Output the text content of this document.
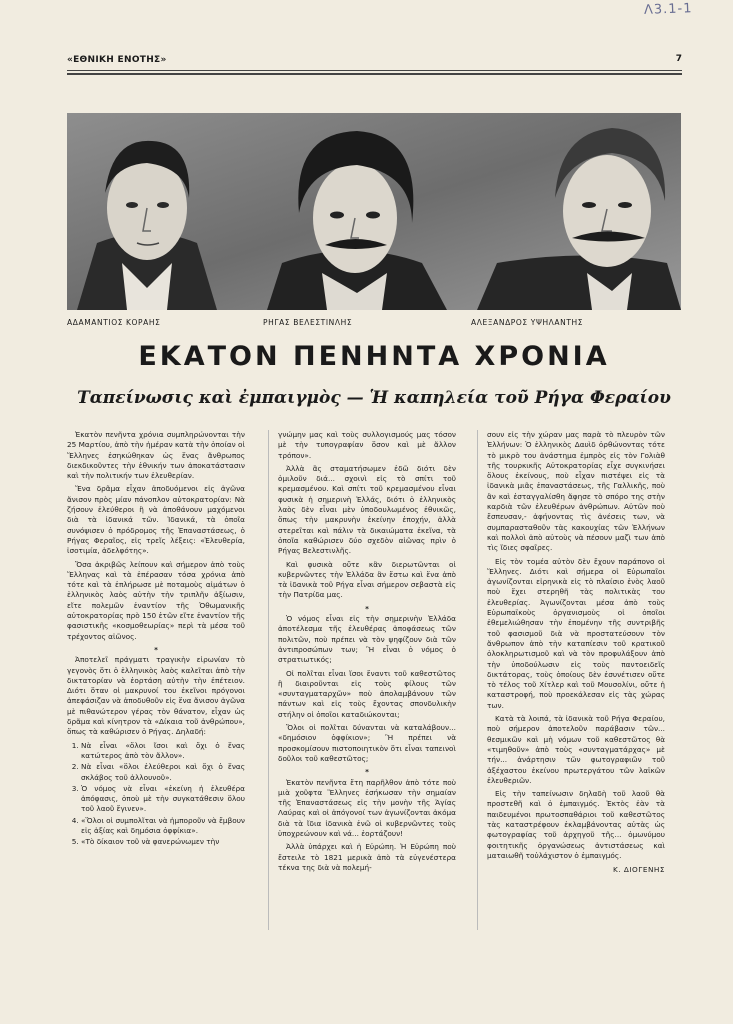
Λ3.1-1
«ΕΘΝΙΚΗ ΕΝΟΤΗΣ»	7
ΑΔΑΜΑΝΤΙΟΣ ΚΟΡΑΗΣ	ΡΗΓΑΣ ΒΕΛΕΣΤΙΝΛΗΣ	ΑΛΕΞΑΝΔΡΟΣ ΥΨΗΛΑΝΤΗΣ
ΕΚΑΤΟΝ ΠΕΝΗΝΤΑ ΧΡΟΝΙΑ
Ταπείνωσις καὶ ἐμπαιγμὸς — Ἡ καπηλεία τοῦ Ρήγα Φεραίου

Ἑκατὸν πενῆντα χρόνια συμπληρώνονται τὴν 25 Μαρτίου, ἀπὸ τὴν ἡμέραν κατὰ τὴν ὁποίαν οἱ Ἕλληνες ἐσηκώθηκαν ὡς ἕνας ἄνθρωπος διεκδικοῦντες τὴν ἐθνικήν των ἀποκατάστασιν καὶ τὴν πολιτικήν των ἐλευθερίαν.

Ἕνα δρᾶμα εἶχαν ἀποδυόμενοι εἰς ἀγῶνα ἄνισον πρὸς μίαν πάνοπλον αὐτοκρατορίαν: Νὰ ζήσουν ἐλεύθεροι ἢ νὰ ἀποθάνουν μαχόμενοι διὰ τὰ ἰδανικά τῶν. Ἰδανικά, τὰ ὁποῖα συνόψισεν ὁ πρόδρομος τῆς Ἐπαναστάσεως, ὁ Ρήγας Φεραῖος, εἰς τρεῖς λέξεις: «Ἐλευθερία, ἰσοτιμία, ἀδελφότης».

Ὅσα ἀκριβῶς λείπουν καὶ σήμερον ἀπὸ τοὺς Ἕλληνας καὶ τὰ ἐπέρασαν τόσα χρόνια ἀπὸ τότε καὶ τὰ ἐπλήρωσε μὲ ποταμοὺς αἱμάτων ὁ ἑλληνικὸς λαὸς αὐτὴν τὴν τριπλῆν ἀξίωσιν, εἴτε πολεμῶν ἐναντίον τῆς Ὀθωμανικῆς αὐτοκρατορίας πρὸ 150 ἐτῶν εἴτε ἐναντίον τῆς φασιστικῆς «κοσμοθεωρίας» περὶ τὰ μέσα τοῦ τρέχοντος αἰῶνος.

*

Ἀποτελεῖ πράγματι τραγικὴν εἰρωνίαν τὸ γεγονὸς ὅτι ὁ ἑλληνικὸς λαὸς καλεῖται ἀπὸ τὴν δικτατορίαν νὰ ἑορτάση αὐτὴν τὴν ἐπέτειον. Διότι ὅταν οἱ μακρυνοί του ἐκεῖνοι πρόγονοι ἀπεφάσιζαν νὰ ἀποδυθοῦν εἰς ἕνα ἄνισον ἀγῶνα μὲ πιθανώτερον γέρας τὸν θάνατον, εἶχαν ὡς δρᾶμα καὶ κίνητρον τὰ «Δίκαια τοῦ ἀνθρώπου», ὅπως τὰ καθώρισεν ὁ Ρήγας. Δηλαδή:

1. Νὰ εἶναι «ὅλοι ἴσοι καὶ ὄχι ὁ ἕνας κατώτερος ἀπὸ τὸν ἄλλον».
2. Νὰ εἶναι «ὅλοι ἐλεύθεροι καὶ ὄχι ὁ ἕνας σκλάβος τοῦ ἀλλουνοῦ».
3. Ὁ νόμος νὰ εἶναι «ἐκείνη ἡ ἐλευθέρα ἀπόφασις, ὁποὺ μὲ τὴν συγκατάθεσιν ὅλου τοῦ λαοῦ ἔγινεν».
4. «Ὅλοι οἱ συμπολῖται νὰ ἠμποροῦν νὰ ἔμβουν εἰς ἀξίας καὶ δημόσια ὀφφίκια».
5. «Τὸ δίκαιον τοῦ νὰ φανερώνωμεν τὴν

γνώμην μας καὶ τοὺς συλλογισμούς μας τόσον μὲ τὴν τυπογραφίαν ὅσον καὶ μὲ ἄλλον τρόπον».

Ἀλλὰ ἂς σταματήσωμεν ἐδῶ διότι δὲν ὁμιλοῦν διά... σχοινὶ εἰς τὸ σπίτι τοῦ κρεμασμένου. Καὶ σπίτι τοῦ κρεμασμένου εἶναι φυσικὰ ἡ σημερινὴ Ἑλλάς, διότι ὁ ἑλληνικὸς λαὸς δὲν εἶναι μὲν ὑποδουλωμένος ἐθνικῶς, ὅπως τὴν μακρυνὴν ἐκείνην ἐποχήν, ἀλλὰ στερεῖται καὶ πάλιν τὰ δικαιώματα ἐκεῖνα, τὰ ὁποῖα καθώρισεν δύο σχεδὸν αἰῶνας πρὶν ὁ Ρήγας Βελεστινλῆς.

Καὶ φυσικὰ οὔτε κἂν διερωτῶνται οἱ κυβερνῶντες τὴν Ἑλλάδα ἂν ἔστω καὶ ἕνα ἀπὸ τὰ ἰδανικὰ τοῦ Ρήγα εἶναι σήμερον σεβαστὰ εἰς τὴν Πατρίδα μας.

*

Ὁ νόμος εἶναι εἰς τὴν σημερινὴν Ἑλλάδα ἀποτέλεσμα τῆς ἐλευθέρας ἀποφάσεως τῶν πολιτῶν, ποὺ πρέπει νὰ τὸν ψηφίζουν διὰ τῶν ἀντιπροσώπων των; Ἢ εἶναι ὁ νόμος ὁ στρατιωτικός;

Οἱ πολῖται εἶναι ἴσοι ἔναντι τοῦ καθεστῶτος ἢ διαιροῦνται εἰς τοὺς φίλους τῶν «συνταγματαρχῶν» ποὺ ἀπολαμβάνουν τῶν πάντων καὶ εἰς τοὺς ἔχοντας σπονδυλικὴν στήλην οἱ ὁποῖοι καταδιώκονται;

Ὅλοι οἱ πολῖται δύνανται νὰ καταλάβουν... «δημόσιον ὀφφίκιον»; Ἢ πρέπει νὰ προσκομίσουν πιστοποιητικὸν ὅτι εἶναι ταπεινοὶ δοῦλοι τοῦ καθεστῶτος;

*

Ἑκατὸν πενῆντα ἔτη παρῆλθον ἀπὸ τότε ποὺ μιὰ χοῦφτα Ἕλληνες ἐσήκωσαν τὴν σημαίαν τῆς Ἐπαναστάσεως εἰς τὴν μονὴν τῆς Ἁγίας Λαύρας καὶ οἱ ἀπόγονοί των ἀγωνίζονται ἀκόμα διὰ τὰ ἴδια ἰδανικὰ ἐνῶ οἱ κυβερνῶντες τοὺς ὑποχρεώνουν καὶ νά... ἑορτάζουν!

Ἀλλὰ ὑπάρχει καὶ ἡ Εὐρώπη. Ἡ Εὐρώπη ποὺ ἔστειλε τὸ 1821 μερικὰ ἀπὸ τὰ εὐγενέστερα τέκνα της διὰ νὰ πολεμή-

σουν εἰς τὴν χώραν μας παρὰ τὸ πλευρὸν τῶν Ἑλλήνων: Ὁ ἑλληνικὸς Δαυὶδ ὀρθώνοντας τότε τὸ μικρὸ του ἀνάστημα ἐμπρὸς εἰς τὸν Γολιὰθ τῆς τουρκικῆς Αὐτοκρατορίας εἶχε συγκινήσει ὅλους ἐκείνους, ποὺ εἶχαν πιστέψει εἰς τὰ ἰδανικὰ μιᾶς ἐπαναστάσεως, τῆς Γαλλικῆς, ποὺ ἂν καὶ ἐσταγγαλίσθη ἄφησε τὸ σπόρο της στὴν καρδιὰ τῶν ἐλευθέρων ἀνθρώπων. Αὐτῶν ποὺ ἔσπευσαν,- ἀφήνοντας τὶς ἀνέσεις των, νὰ συμπαρασταθοῦν τὰς κακουχίας τῶν Ἑλλήνων καὶ πολλοὶ ἀπὸ αὐτοὺς νὰ πέσουν μαζὶ των ἀπὸ τὶς ἴδιες σφαῖρες.

Εἰς τὸν τομέα αὐτὸν δὲν ἔχουν παράπονο οἱ Ἕλληνες. Διότι καὶ σήμερα οἱ Εὐρωπαῖοι ἀγωνίζονται εἰρηνικὰ εἰς τὸ πλαίσιο ἑνὸς λαοῦ ποὺ ἔχει στερηθῆ τὰς πολιτικὰς του ἐλευθερίας. Ἀγωνίζονται μέσα ἀπὸ τοὺς Εὐρωπαϊκοὺς ὀργανισμοὺς οἱ ὁποῖοι ἐθεμελιώθησαν τὴν ἐπομένην τῆς συντριβῆς τοῦ φασισμοῦ διὰ νὰ προστατεύσουν τὸν ἄνθρωπον ἀπὸ τὴν καταπίεσιν τοῦ κρατικοῦ ὁλοκληρωτισμοῦ καὶ νὰ τὸν προφυλάξουν ἀπὸ τὴν ὑποδούλωσιν εἰς τοὺς παντοειδεῖς δικτάτορας, τοὺς ὁποίους δὲν ἐσυνέτισεν οὔτε τὸ τέλος τοῦ Χίτλερ καὶ τοῦ Μουσολίνι, οὔτε ἡ καταστροφή, ποὺ προεκάλεσαν εἰς τὰς χώρας των.

Κατὰ τὰ λοιπά, τὰ ἰδανικὰ τοῦ Ρήγα Φεραίου, ποὺ σήμερον ἀποτελοῦν παράβασιν τῶν... θεσμικῶν καὶ μὴ νόμων τοῦ καθεστῶτος θὰ «τιμηθοῦν» ἀπὸ τοὺς «συνταγματάρχας» μὲ τήν... ἀνάρτησιν τῶν φωτογραφιῶν τοῦ ἀξέχαστου ἐκείνου πρωτεργάτου τῶν λαϊκῶν ἐλευθεριῶν.

Εἰς τὴν ταπείνωσιν δηλαδὴ τοῦ λαοῦ θὰ προστεθῆ καὶ ὁ ἐμπαιγμός. Ἐκτὸς ἐὰν τὰ παιδευμένοι πρωτοσπαθάριοι τοῦ καθεστῶτος τὰς καταστρέφουν ἐκλαμβάνοντας αὐτὰς ὡς φωτογραφίας τοῦ ἀρχηγοῦ τῆς... ὁμωνύμου φοιτητικῆς ὀργανώσεως ἀντιστάσεως καὶ ματαιωθῆ τοὐλάχιστον ὁ ἐμπαιγμός.

Κ. ΔΙΟΓΕΝΗΣ
